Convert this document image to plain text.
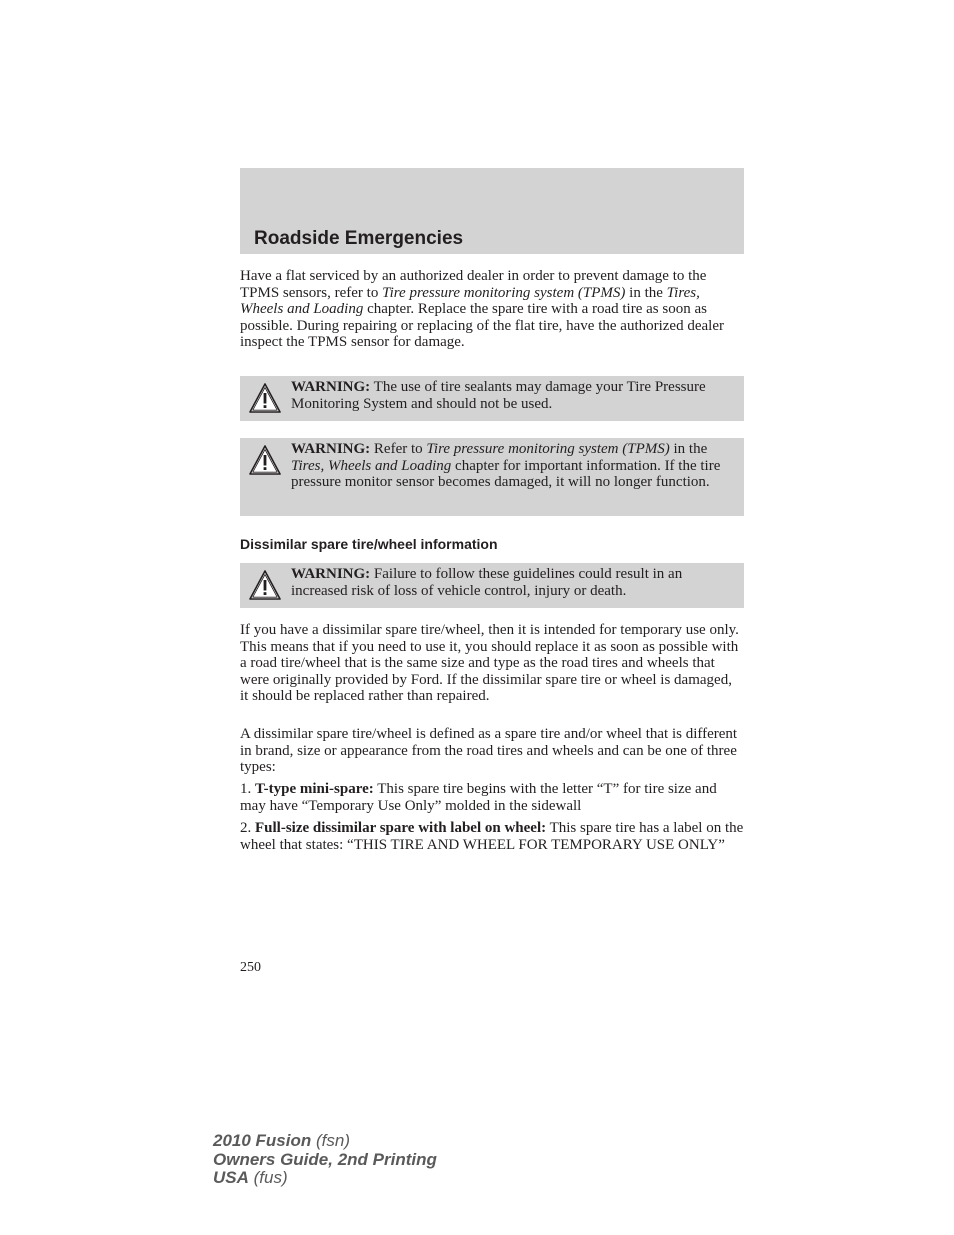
Roadside Emergencies

Have a flat serviced by an authorized dealer in order to prevent damage to the TPMS sensors, refer to Tire pressure monitoring system (TPMS) in the Tires, Wheels and Loading chapter. Replace the spare tire with a road tire as soon as possible. During repairing or replacing of the flat tire, have the authorized dealer inspect the TPMS sensor for damage.

WARNING: The use of tire sealants may damage your Tire Pressure Monitoring System and should not be used.

WARNING: Refer to Tire pressure monitoring system (TPMS) in the Tires, Wheels and Loading chapter for important information. If the tire pressure monitor sensor becomes damaged, it will no longer function.

Dissimilar spare tire/wheel information

WARNING: Failure to follow these guidelines could result in an increased risk of loss of vehicle control, injury or death.

If you have a dissimilar spare tire/wheel, then it is intended for temporary use only. This means that if you need to use it, you should replace it as soon as possible with a road tire/wheel that is the same size and type as the road tires and wheels that were originally provided by Ford. If the dissimilar spare tire or wheel is damaged, it should be replaced rather than repaired.

A dissimilar spare tire/wheel is defined as a spare tire and/or wheel that is different in brand, size or appearance from the road tires and wheels and can be one of three types:

1. T-type mini-spare: This spare tire begins with the letter “T” for tire size and may have “Temporary Use Only” molded in the sidewall

2. Full-size dissimilar spare with label on wheel: This spare tire has a label on the wheel that states: “THIS TIRE AND WHEEL FOR TEMPORARY USE ONLY”

250
2010 Fusion (fsn)
Owners Guide, 2nd Printing
USA (fus)
